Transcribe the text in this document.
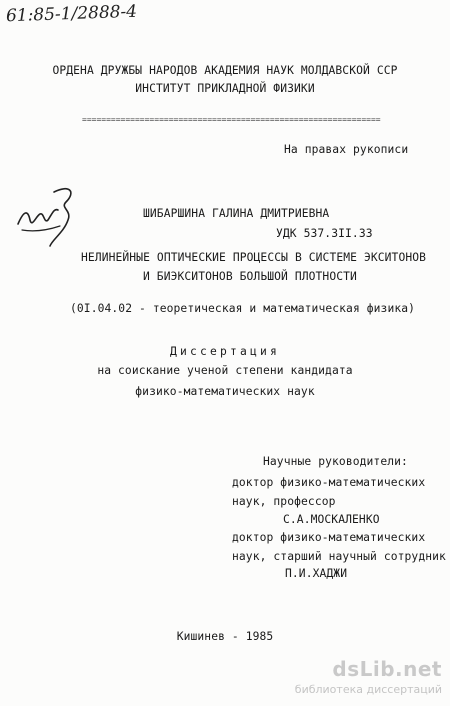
61:85-1/2888-4
ОРДЕНА ДРУЖБЫ НАРОДОВ АКАДЕМИЯ НАУК МОЛДАВСКОЙ ССР
ИНСТИТУТ ПРИКЛАДНОЙ ФИЗИКИ
==============================================================
На правах рукописи
ШИБАРШИНА ГАЛИНА ДМИТРИЕВНА
УДК 537.3II.33
НЕЛИНЕЙНЫЕ ОПТИЧЕСКИЕ ПРОЦЕССЫ В СИСТЕМЕ ЭКСИТОНОВ
И БИЭКСИТОНОВ БОЛЬШОЙ ПЛОТНОСТИ
(0I.04.02 - теоретическая и математическая физика)
Диссертация
на соискание ученой степени кандидата
физико-математических наук
Научные руководители:
доктор физико-математических
наук, профессор
С.А.МОСКАЛЕНКО
доктор физико-математических
наук, старший научный сотрудник
П.И.ХАДЖИ
Кишинев - 1985
dsLib.net
библиотека диссертаций
